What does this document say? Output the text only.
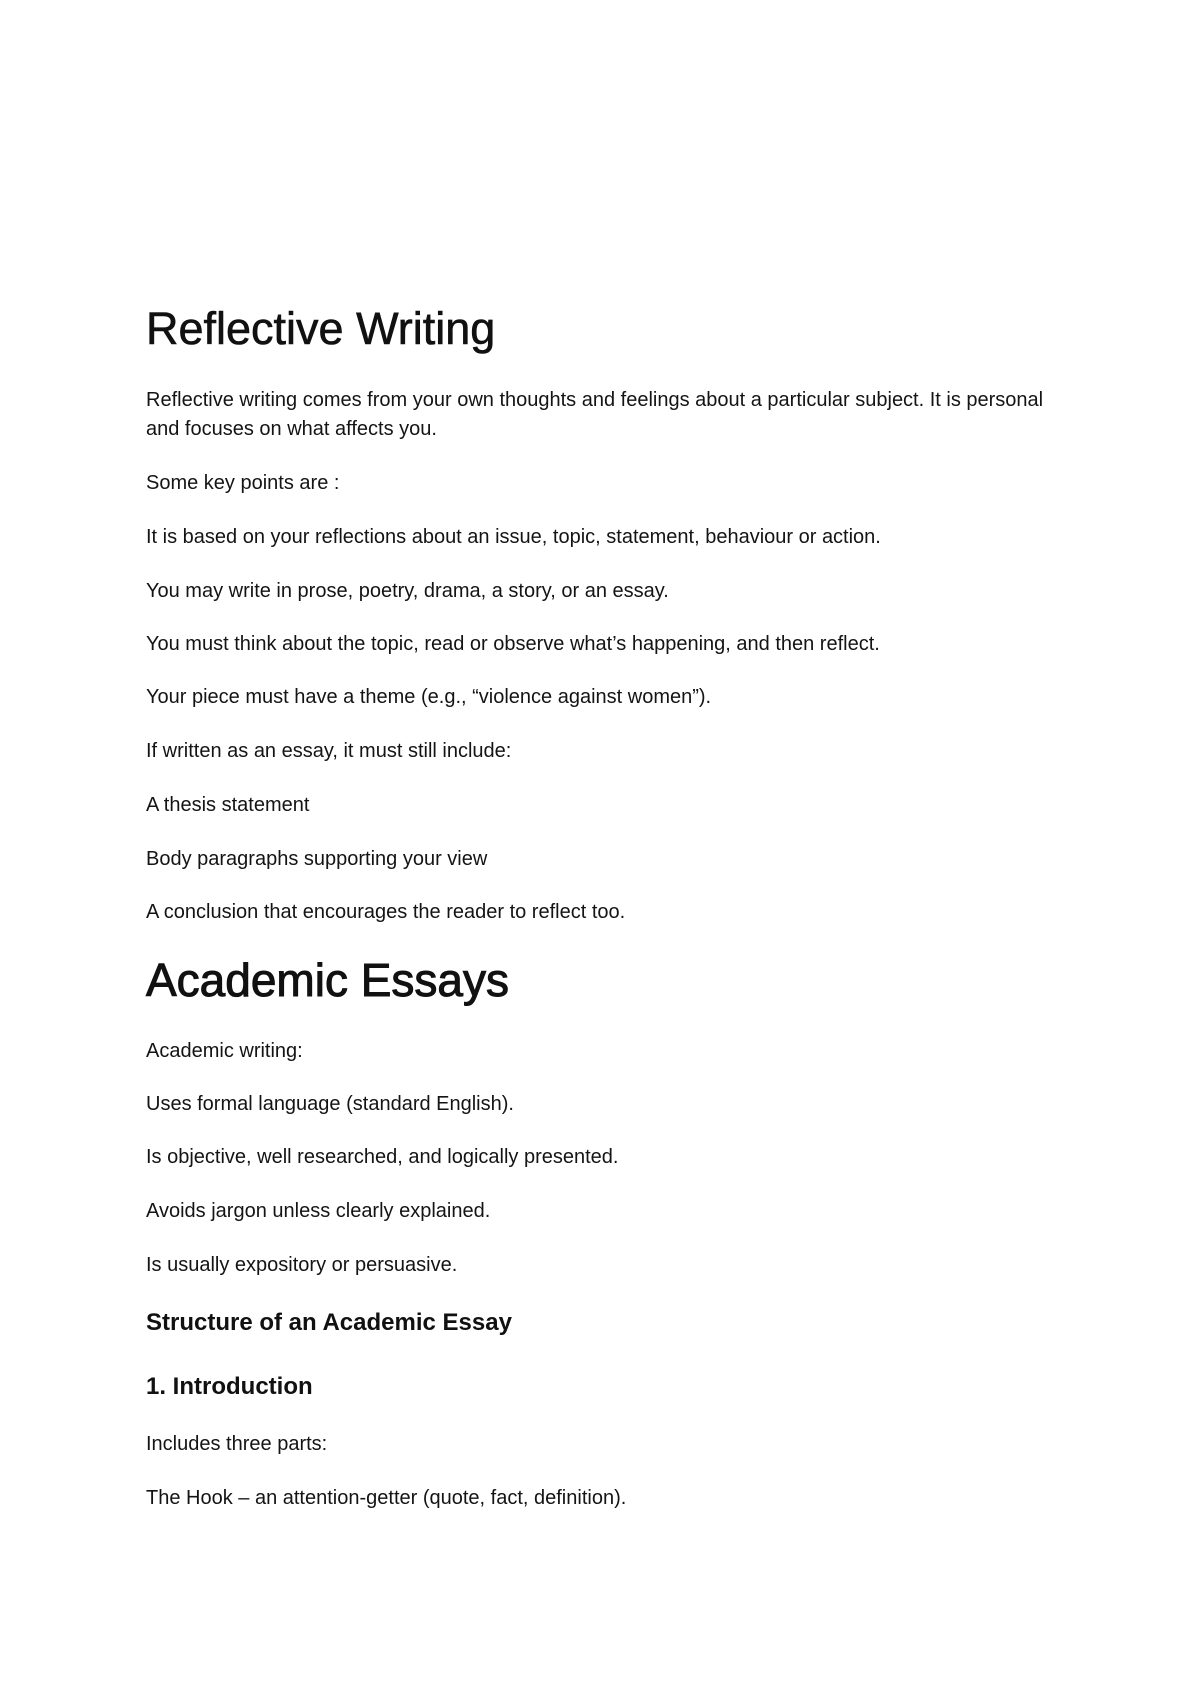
Reflective Writing

Reflective writing comes from your own thoughts and feelings about a particular subject. It is personal and focuses on what affects you.

Some key points are :

It is based on your reflections about an issue, topic, statement, behaviour or action.

You may write in prose, poetry, drama, a story, or an essay.

You must think about the topic, read or observe what’s happening, and then reflect.

Your piece must have a theme (e.g., “violence against women”).

If written as an essay, it must still include:

A thesis statement

Body paragraphs supporting your view

A conclusion that encourages the reader to reflect too.

Academic Essays

Academic writing:

Uses formal language (standard English).

Is objective, well researched, and logically presented.

Avoids jargon unless clearly explained.

Is usually expository or persuasive.

Structure of an Academic Essay
1. Introduction

Includes three parts:

The Hook – an attention-getter (quote, fact, definition).
